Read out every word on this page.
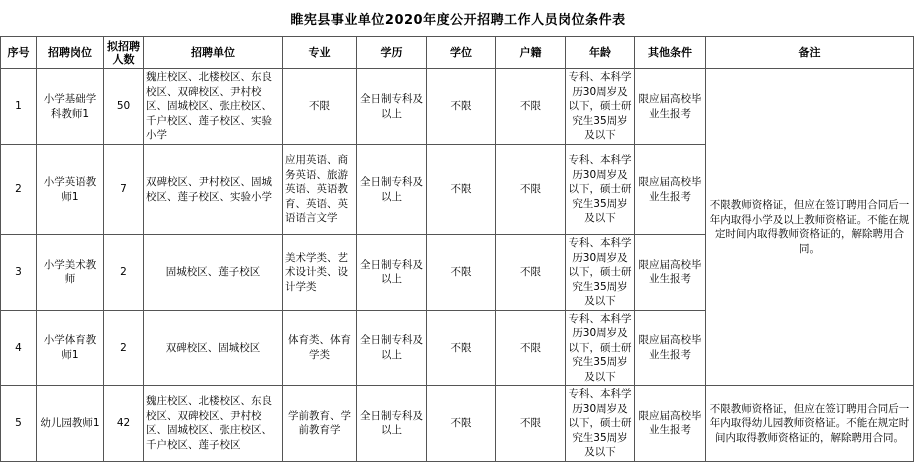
睢宪县事业单位2020年度公开招聘工作人员岗位条件表
序号	招聘岗位	拟招聘人数	招聘单位	专业	学历	学位	户籍	年龄	其他条件	备注
1	小学基础学科教师1	50	魏庄校区、北楼校区、东良校区、双碑校区、尹村校区、固城校区、张庄校区、千户校区、莲子校区、实验小学	不限	全日制专科及以上	不限	不限	专科、本科学历30周岁及以下，硕士研究生35周岁及以下	限应届高校毕业生报考	不限教师资格证，但应在签订聘用合同后一年内取得小学及以上教师资格证。不能在规定时间内取得教师资格证的，解除聘用合同。
2	小学英语教师1	7	双碑校区、尹村校区、固城校区、莲子校区、实验小学	应用英语、商务英语、旅游英语、英语教育、英语、英语语言文学	全日制专科及以上	不限	不限	专科、本科学历30周岁及以下，硕士研究生35周岁及以下	限应届高校毕业生报考	
3	小学美术教师	2	固城校区、莲子校区	美术学类、艺术设计类、设计学类	全日制专科及以上	不限	不限	专科、本科学历30周岁及以下，硕士研究生35周岁及以下	限应届高校毕业生报考	
4	小学体育教师1	2	双碑校区、固城校区	体育类、体育学类	全日制专科及以上	不限	不限	专科、本科学历30周岁及以下，硕士研究生35周岁及以下	限应届高校毕业生报考	
5	幼儿园教师1	42	魏庄校区、北楼校区、东良校区、双碑校区、尹村校区、固城校区、张庄校区、千户校区、莲子校区	学前教育、学前教育学	全日制专科及以上	不限	不限	专科、本科学历30周岁及以下，硕士研究生35周岁及以下	限应届高校毕业生报考	不限教师资格证，但应在签订聘用合同后一年内取得幼儿园教师资格证。不能在规定时间内取得教师资格证的，解除聘用合同。
